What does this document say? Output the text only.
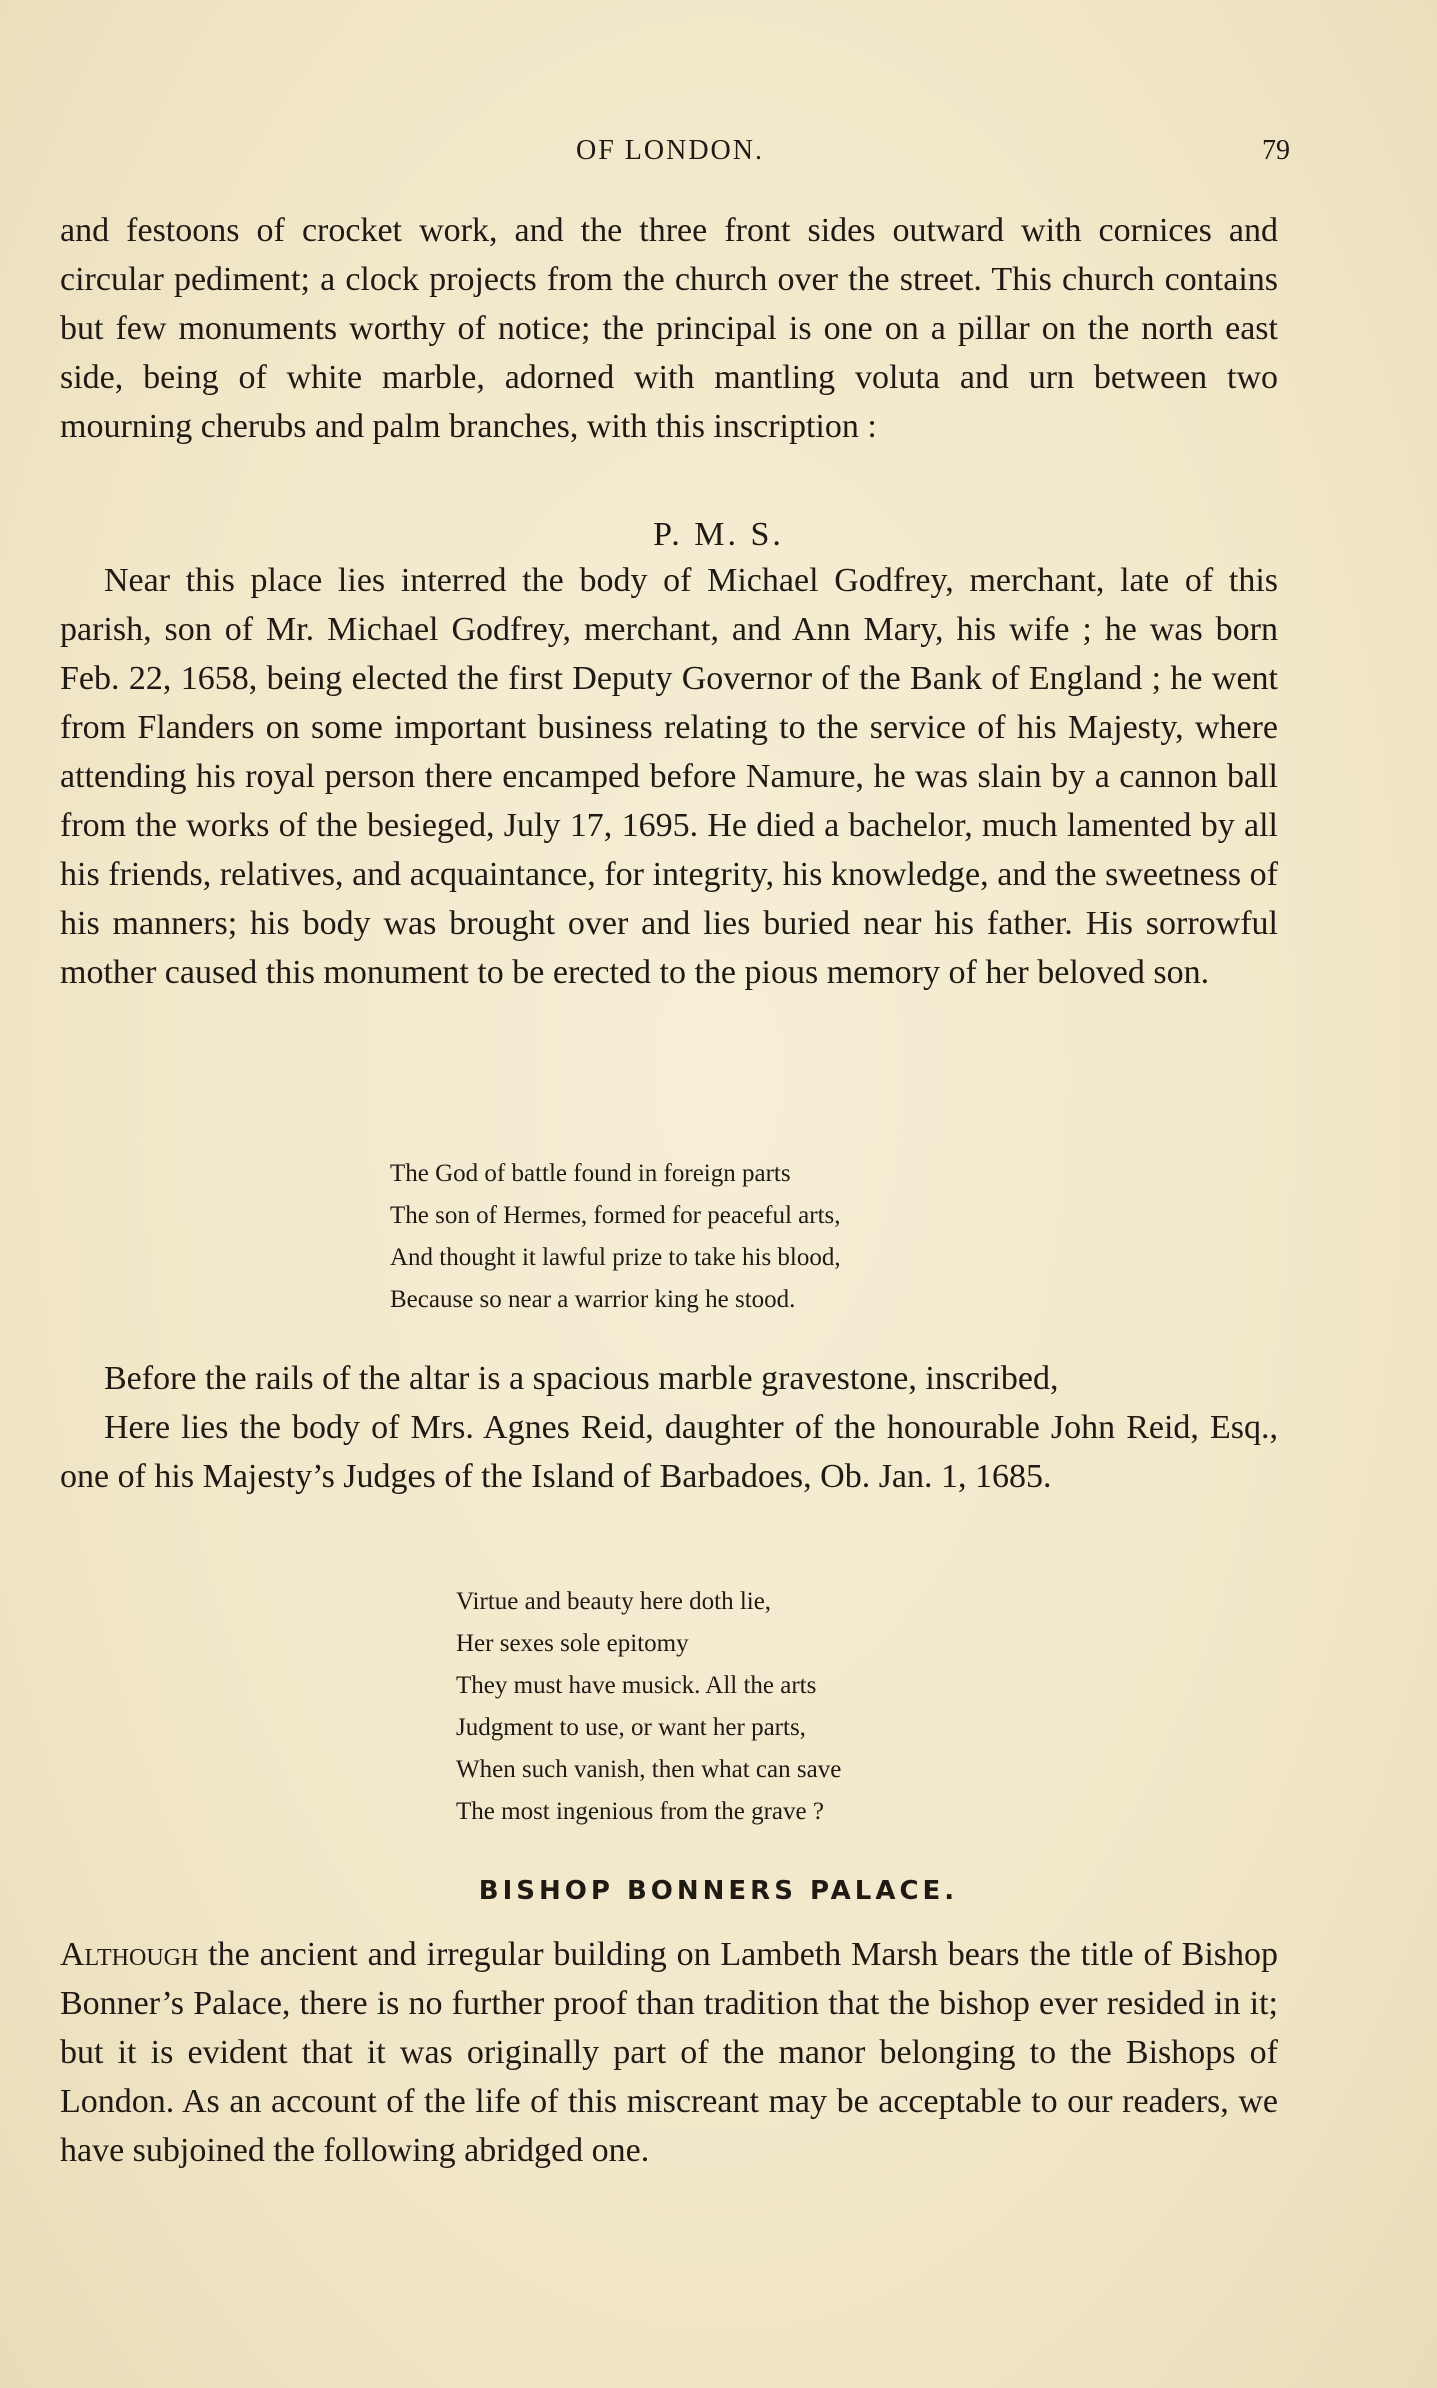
OF LONDON.	79

and festoons of crocket work, and the three front sides outward with cornices and circular pediment; a clock projects from the church over the street. This church contains but few monuments worthy of notice; the principal is one on a pillar on the north east side, being of white marble, adorned with mantling voluta and urn between two mourning cherubs and palm branches, with this inscription :

P. M. S.

Near this place lies interred the body of Michael Godfrey, merchant, late of this parish, son of Mr. Michael Godfrey, merchant, and Ann Mary, his wife ; he was born Feb. 22, 1658, being elected the first Deputy Governor of the Bank of England ; he went from Flanders on some important business relating to the service of his Majesty, where attending his royal person there encamped before Namure, he was slain by a cannon ball from the works of the besieged, July 17, 1695. He died a bachelor, much lamented by all his friends, relatives, and acquaintance, for integrity, his knowledge, and the sweetness of his manners; his body was brought over and lies buried near his father. His sorrowful mother caused this monument to be erected to the pious memory of her beloved son.

The God of battle found in foreign parts
The son of Hermes, formed for peaceful arts,
And thought it lawful prize to take his blood,
Because so near a warrior king he stood.

Before the rails of the altar is a spacious marble gravestone, inscribed,

Here lies the body of Mrs. Agnes Reid, daughter of the honourable John Reid, Esq., one of his Majesty’s Judges of the Island of Barbadoes, Ob. Jan. 1, 1685.

Virtue and beauty here doth lie,
Her sexes sole epitomy
They must have musick. All the arts
Judgment to use, or want her parts,
When such vanish, then what can save
The most ingenious from the grave ?
BISHOP BONNERS PALACE.

Although the ancient and irregular building on Lambeth Marsh bears the title of Bishop Bonner’s Palace, there is no further proof than tradition that the bishop ever resided in it; but it is evident that it was originally part of the manor belonging to the Bishops of London. As an account of the life of this miscreant may be acceptable to our readers, we have subjoined the following abridged one.
